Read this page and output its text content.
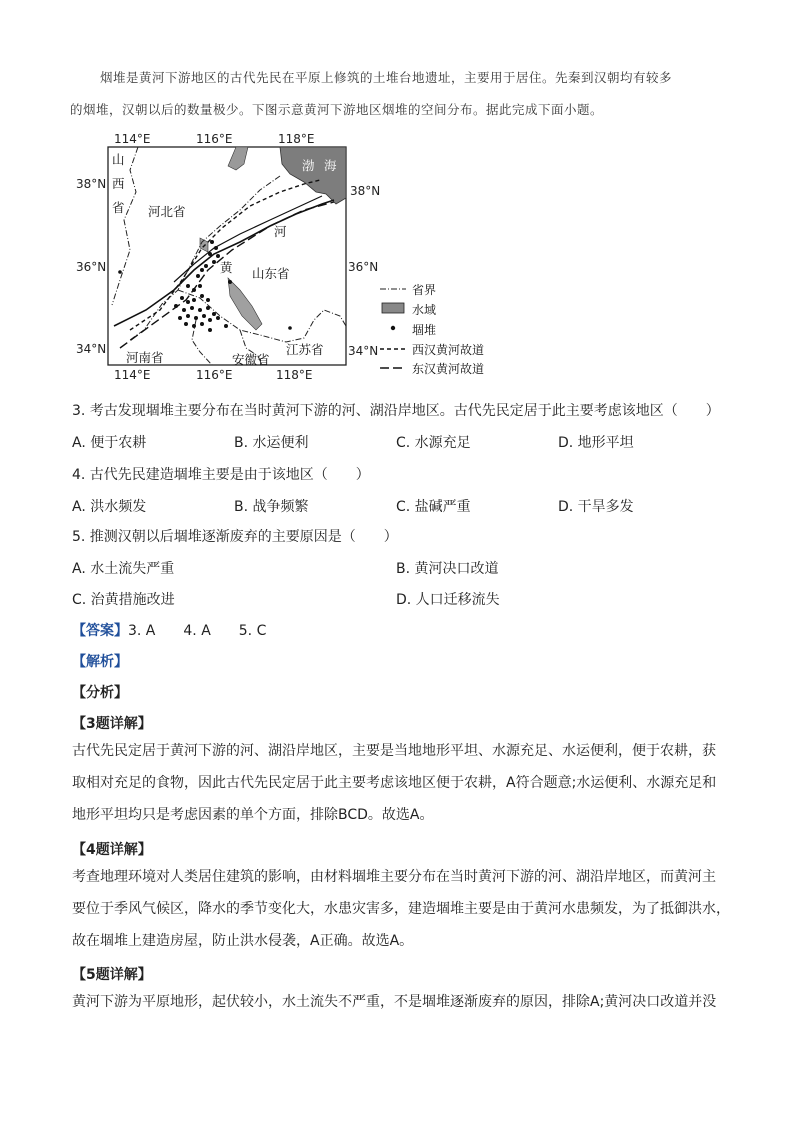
烟堆是黄河下游地区的古代先民在平原上修筑的土堆台地遗址，主要用于居住。先秦到汉朝均有较多
的烟堆，汉朝以后的数量极少。下图示意黄河下游地区烟堆的空间分布。据此完成下面小题。
114°E	116°E	118°E
114°E	116°E	118°E
38°N
36°N
34°N
38°N
36°N
34°N
山
西
省 河北省
山东省
河南省	安徽省
江苏省
渤 海
黄
河
省界
水域
堌堆
西汉黄河故道
东汉黄河故道
3. 考古发现堌堆主要分布在当时黄河下游的河、湖沿岸地区。古代先民定居于此主要考虑该地区（　　）
A. 便于农耕	B. 水运便利	C. 水源充足	D. 地形平坦
4. 古代先民建造堌堆主要是由于该地区（　　）
A. 洪水频发	B. 战争频繁	C. 盐碱严重	D. 干旱多发
5. 推测汉朝以后堌堆逐渐废弃的主要原因是（　　）
A. 水土流失严重	B. 黄河决口改道
C. 治黄措施改进	D. 人口迁移流失
【答案】3. A　　4. A　　5. C
【解析】
【分析】
【3题详解】
古代先民定居于黄河下游的河、湖沿岸地区，主要是当地地形平坦、水源充足、水运便利，便于农耕，获
取相对充足的食物，因此古代先民定居于此主要考虑该地区便于农耕，A符合题意;水运便利、水源充足和
地形平坦均只是考虑因素的单个方面，排除BCD。故选A。
【4题详解】
考查地理环境对人类居住建筑的影响，由材料堌堆主要分布在当时黄河下游的河、湖沿岸地区，而黄河主
要位于季风气候区，降水的季节变化大，水患灾害多，建造堌堆主要是由于黄河水患频发，为了抵御洪水，
故在堌堆上建造房屋，防止洪水侵袭，A正确。故选A。
【5题详解】
黄河下游为平原地形，起伏较小，水土流失不严重，不是堌堆逐渐废弃的原因，排除A;黄河决口改道并没
